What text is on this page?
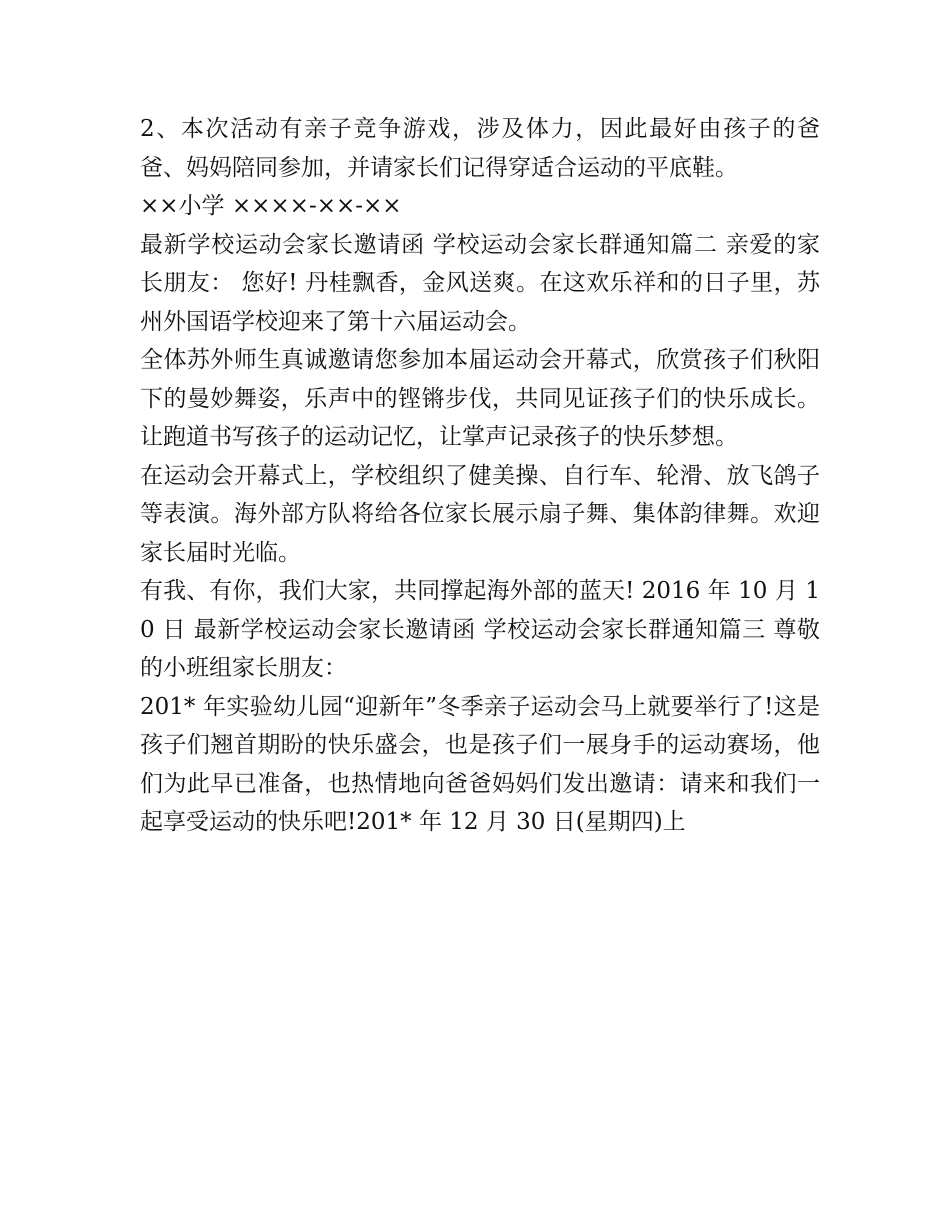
2、本次活动有亲子竞争游戏，涉及体力，因此最好由孩子的爸爸、妈妈陪同参加，并请家长们记得穿适合运动的平底鞋。

××小学 ××××-××-××

最新学校运动会家长邀请函 学校运动会家长群通知篇二 亲爱的家长朋友： 您好! 丹桂飘香，金风送爽。在这欢乐祥和的日子里，苏州外国语学校迎来了第十六届运动会。

全体苏外师生真诚邀请您参加本届运动会开幕式，欣赏孩子们秋阳下的曼妙舞姿，乐声中的铿锵步伐，共同见证孩子们的快乐成长。让跑道书写孩子的运动记忆，让掌声记录孩子的快乐梦想。

在运动会开幕式上，学校组织了健美操、自行车、轮滑、放飞鸽子等表演。海外部方队将给各位家长展示扇子舞、集体韵律舞。欢迎家长届时光临。

有我、有你，我们大家，共同撑起海外部的蓝天! 2016 年 10 月 10 日 最新学校运动会家长邀请函 学校运动会家长群通知篇三 尊敬的小班组家长朋友：

201* 年实验幼儿园“迎新年”冬季亲子运动会马上就要举行了!这是孩子们翘首期盼的快乐盛会，也是孩子们一展身手的运动赛场，他们为此早已准备，也热情地向爸爸妈妈们发出邀请：请来和我们一起享受运动的快乐吧!201* 年 12 月 30 日(星期四)上
